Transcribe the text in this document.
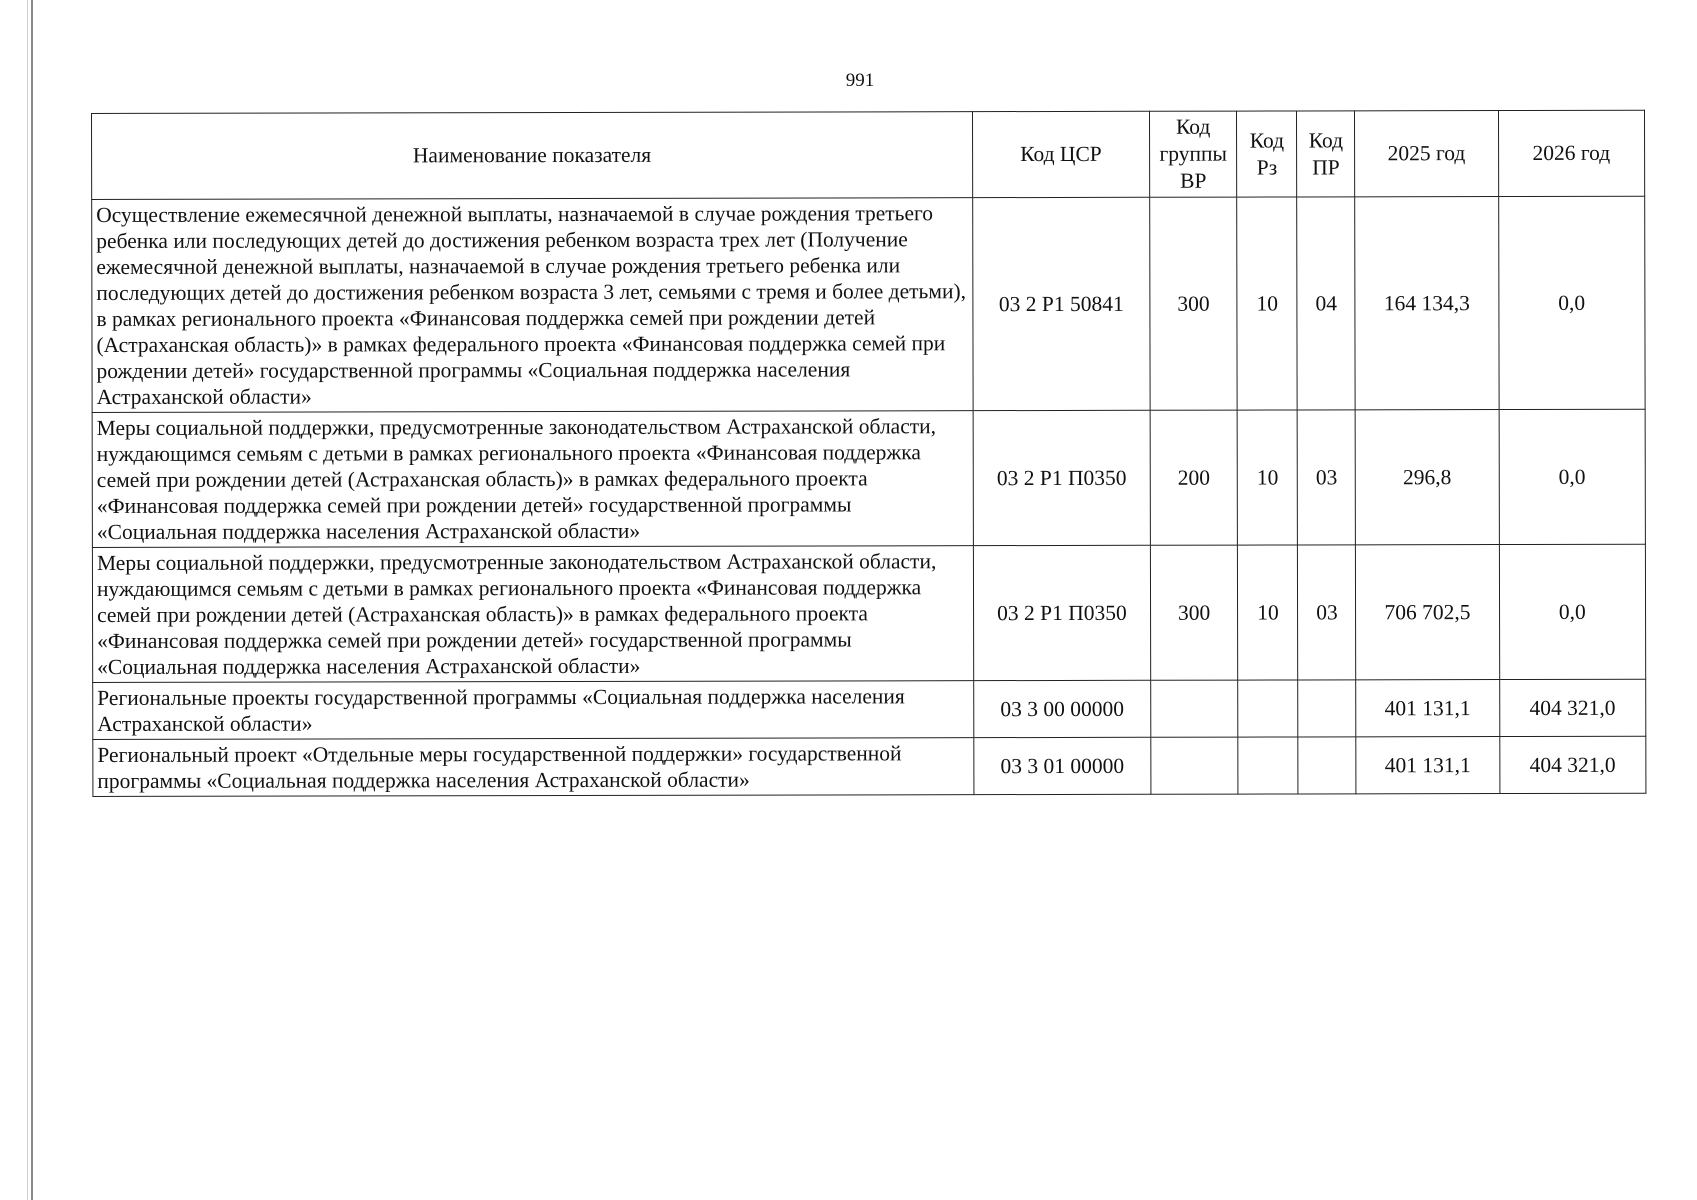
991
Наименование показателя	Код ЦСР	Код группы ВР	Код Рз	Код ПР	2025 год	2026 год
Осуществление ежемесячной денежной выплаты, назначаемой в случае рождения третьего ребенка или последующих детей до достижения ребенком возраста трех лет (Получение ежемесячной денежной выплаты, назначаемой в случае рождения третьего ребенка или последующих детей до достижения ребенком возраста 3 лет, семьями с тремя и более детьми), в рамках регионального проекта «Финансовая поддержка семей при рождении детей (Астраханская область)» в рамках федерального проекта «Финансовая поддержка семей при рождении детей» государственной программы «Социальная поддержка населения Астраханской области»	03 2 P1 50841	300	10	04	164 134,3	0,0
Меры социальной поддержки, предусмотренные законодательством Астраханской области, нуждающимся семьям с детьми в рамках регионального проекта «Финансовая поддержка семей при рождении детей (Астраханская область)» в рамках федерального проекта «Финансовая поддержка семей при рождении детей» государственной программы «Социальная поддержка населения Астраханской области»	03 2 P1 П0350	200	10	03	296,8	0,0
Меры социальной поддержки, предусмотренные законодательством Астраханской области, нуждающимся семьям с детьми в рамках регионального проекта «Финансовая поддержка семей при рождении детей (Астраханская область)» в рамках федерального проекта «Финансовая поддержка семей при рождении детей» государственной программы «Социальная поддержка населения Астраханской области»	03 2 P1 П0350	300	10	03	706 702,5	0,0
Региональные проекты государственной программы «Социальная поддержка населения Астраханской области»	03 3 00 00000				401 131,1	404 321,0
Региональный проект «Отдельные меры государственной поддержки» государственной программы «Социальная поддержка населения Астраханской области»	03 3 01 00000				401 131,1	404 321,0
